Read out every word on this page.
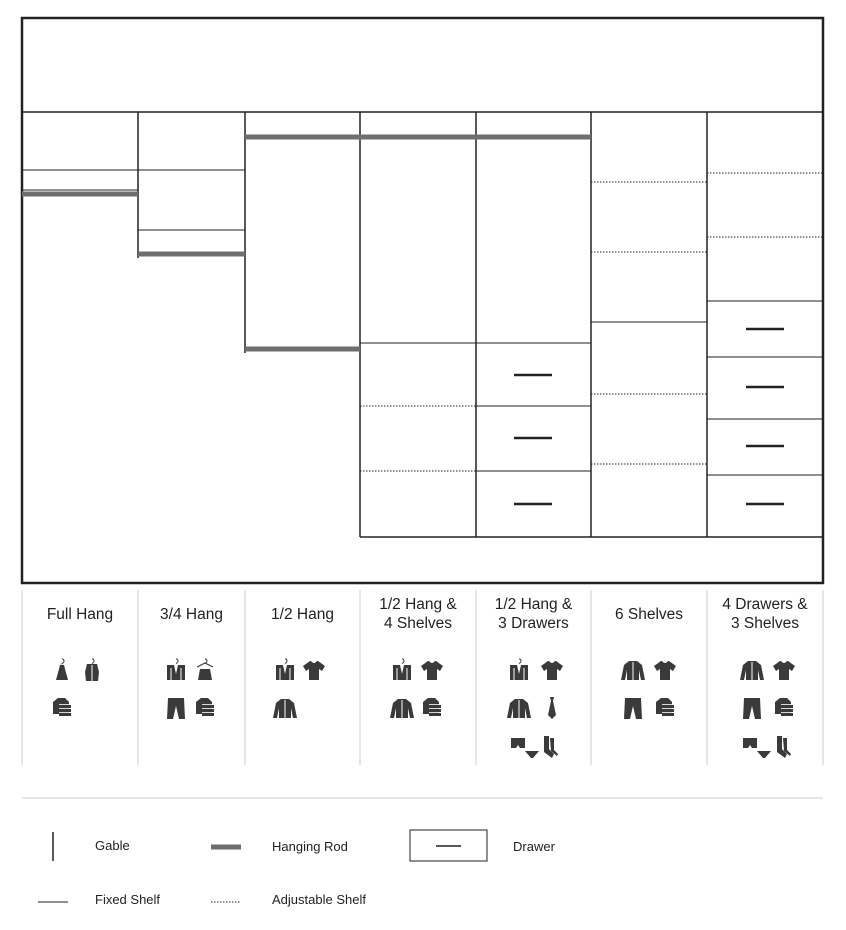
Full Hang	3/4 Hang	1/2 Hang
1/2 Hang &
4 Shelves
1/2 Hang &
3 Drawers
6 Shelves
4 Drawers &
3 Shelves
Gable	Hanging Rod	Drawer
Fixed Shelf	Adjustable Shelf
